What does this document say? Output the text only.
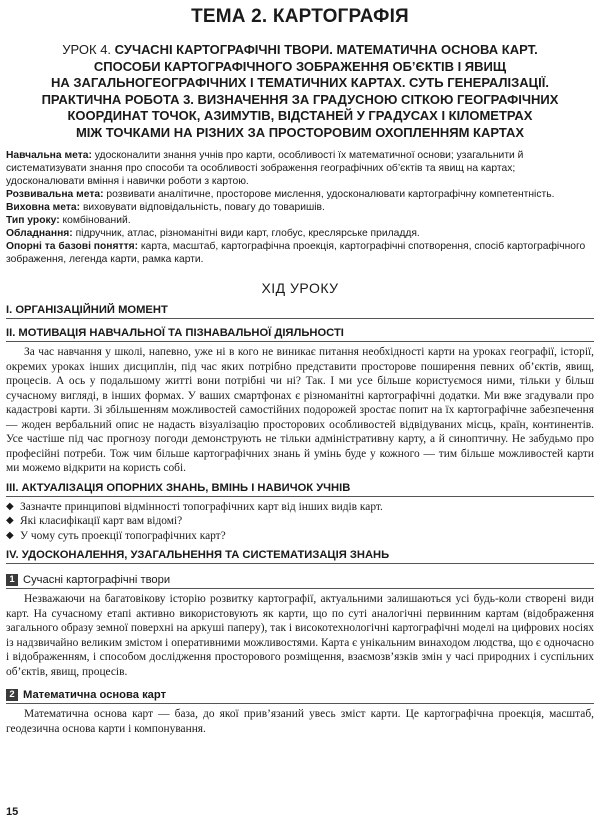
ТЕМА 2. КАРТОГРАФІЯ
УРОК 4. СУЧАСНІ КАРТОГРАФІЧНІ ТВОРИ. МАТЕМАТИЧНА ОСНОВА КАРТ.
СПОСОБИ КАРТОГРАФІЧНОГО ЗОБРАЖЕННЯ ОБ’ЄКТІВ І ЯВИЩ
НА ЗАГАЛЬНОГЕОГРАФІЧНИХ І ТЕМАТИЧНИХ КАРТАХ. СУТЬ ГЕНЕРАЛІЗАЦІЇ.
ПРАКТИЧНА РОБОТА 3. ВИЗНАЧЕННЯ ЗА ГРАДУСНОЮ СІТКОЮ ГЕОГРАФІЧНИХ
КООРДИНАТ ТОЧОК, АЗИМУТІВ, ВІДСТАНЕЙ У ГРАДУСАХ І КІЛОМЕТРАХ
МІЖ ТОЧКАМИ НА РІЗНИХ ЗА ПРОСТОРОВИМ ОХОПЛЕННЯМ КАРТАХ

Навчальна мета: удосконалити знання учнів про карти, особливості їх математичної основи; узагальнити й систематизувати знання про способи та особливості зображення географічних об’єктів та явищ на картах; удосконалювати вміння і навички роботи з картою.

Розвивальна мета: розвивати аналітичне, просторове мислення, удосконалювати картографічну компетентність.

Виховна мета: виховувати відповідальність, повагу до товаришів.

Тип уроку: комбінований.

Обладнання: підручник, атлас, різноманітні види карт, глобус, креслярське приладдя.

Опорні та базові поняття: карта, масштаб, картографічна проекція, картографічні спотворення, спосіб картографічного зображення, легенда карти, рамка карти.

ХІД УРОКУ
I. ОРГАНІЗАЦІЙНИЙ МОМЕНТ
II. МОТИВАЦІЯ НАВЧАЛЬНОЇ ТА ПІЗНАВАЛЬНОЇ ДІЯЛЬНОСТІ

За час навчання у школі, напевно, уже ні в кого не виникає питання необхідності карти на уроках географії, історії, окремих уроках інших дисциплін, під час яких потрібно представити просторове поширення певних об’єктів, явищ, процесів. А ось у подальшому житті вони потрібні чи ні? Так. І ми усе більше користуємося ними, тільки у більш сучасному вигляді, в інших формах. У ваших смартфонах є різноманітні картографічні додатки. Ми вже згадували про кадастрові карти. Зі збільшенням можливостей самостійних подорожей зростає попит на їх картографічне забезпечення — жоден вербальний опис не надасть візуалізацію просторових особливостей відвідуваних місць, країн, континентів. Усе частіше під час прогнозу погоди демонструють не тільки адміністративну карту, а й синоптичну. Не забудьмо про професійні потреби. Тож чим більше картографічних знань й умінь буде у кожного — тим більше можливостей карти ми можемо відкрити на користь собі.

III. АКТУАЛІЗАЦІЯ ОПОРНИХ ЗНАНЬ, ВМІНЬ І НАВИЧОК УЧНІВ
◆ Зазначте принципові відмінності топографічних карт від інших видів карт.
◆ Які класифікації карт вам відомі?
◆ У чому суть проекції топографічних карт?
IV. УДОСКОНАЛЕННЯ, УЗАГАЛЬНЕННЯ ТА СИСТЕМАТИЗАЦІЯ ЗНАНЬ
1 Сучасні картографічні твори

Незважаючи на багатовікову історію розвитку картографії, актуальними залишаються усі будь-коли створені види карт. На сучасному етапі активно використовують як карти, що по суті аналогічні первинним картам (відображення загального образу земної поверхні на аркуші паперу), так і високотехнологічні картографічні моделі на цифрових носіях із надзвичайно великим змістом і оперативними можливостями. Карта є унікальним винаходом людства, що є одночасно і відображенням, і способом дослідження просторового розміщення, взаємозв’язків змін у часі природних і суспільних об’єктів, явищ, процесів.

2 Математична основа карт

Математична основа карт — база, до якої прив’язаний увесь зміст карти. Це картографічна проекція, масштаб, геодезична основа карти і компонування.

15
